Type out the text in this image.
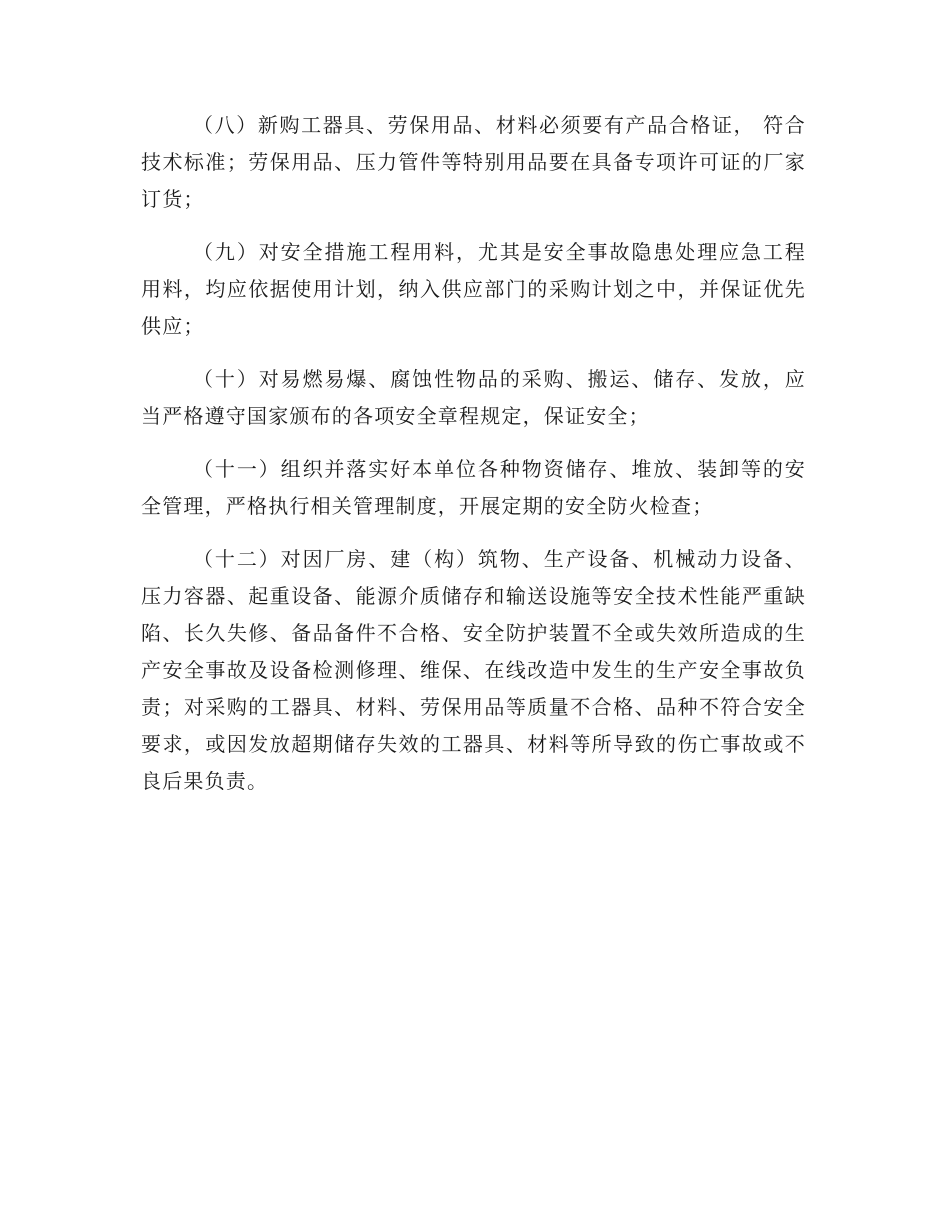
（八）新购工器具、劳保用品、材料必须要有产品合格证， 符合技术标准；劳保用品、压力管件等特别用品要在具备专项许可证的厂家订货；

（九）对安全措施工程用料，尤其是安全事故隐患处理应急工程用料，均应依据使用计划，纳入供应部门的采购计划之中，并保证优先供应；

（十）对易燃易爆、腐蚀性物品的采购、搬运、储存、发放，应当严格遵守国家颁布的各项安全章程规定，保证安全；

（十一）组织并落实好本单位各种物资储存、堆放、装卸等的安全管理，严格执行相关管理制度，开展定期的安全防火检查；

（十二）对因厂房、建（构）筑物、生产设备、机械动力设备、压力容器、起重设备、能源介质储存和输送设施等安全技术性能严重缺陷、长久失修、备品备件不合格、安全防护装置不全或失效所造成的生产安全事故及设备检测修理、维保、在线改造中发生的生产安全事故负责；对采购的工器具、材料、劳保用品等质量不合格、品种不符合安全要求，或因发放超期储存失效的工器具、材料等所导致的伤亡事故或不良后果负责。
